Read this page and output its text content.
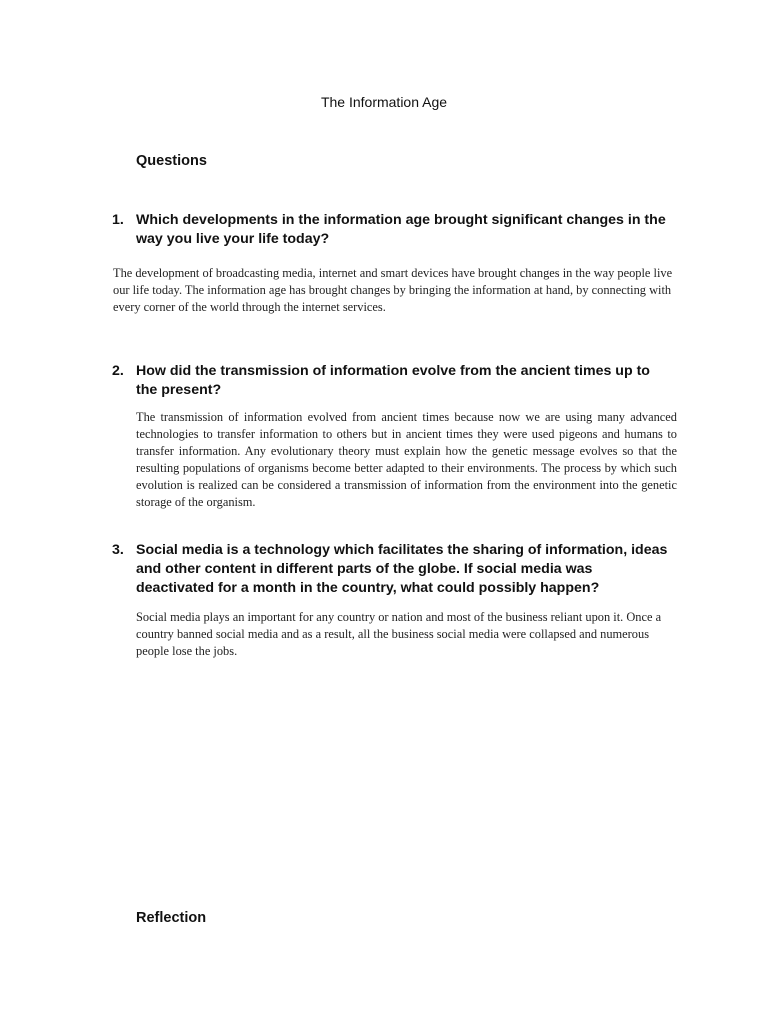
The Information Age
Questions
1. Which developments in the information age brought significant changes in the way you live your life today?
The development of broadcasting media, internet and smart devices have brought changes in the way people live our life today. The information age has brought changes by bringing the information at hand, by connecting with every corner of the world through the internet services.
2. How did the transmission of information evolve from the ancient times up to the present?
The transmission of information evolved from ancient times because now we are using many advanced technologies to transfer information to others but in ancient times they were used pigeons and humans to transfer information. Any evolutionary theory must explain how the genetic message evolves so that the resulting populations of organisms become better adapted to their environments. The process by which such evolution is realized can be considered a transmission of information from the environment into the genetic storage of the organism.
3. Social media is a technology which facilitates the sharing of information, ideas and other content in different parts of the globe. If social media was deactivated for a month in the country, what could possibly happen?
Social media plays an important for any country or nation and most of the business reliant upon it. Once a country banned social media and as a result, all the business social media were collapsed and numerous people lose the jobs.
Reflection
